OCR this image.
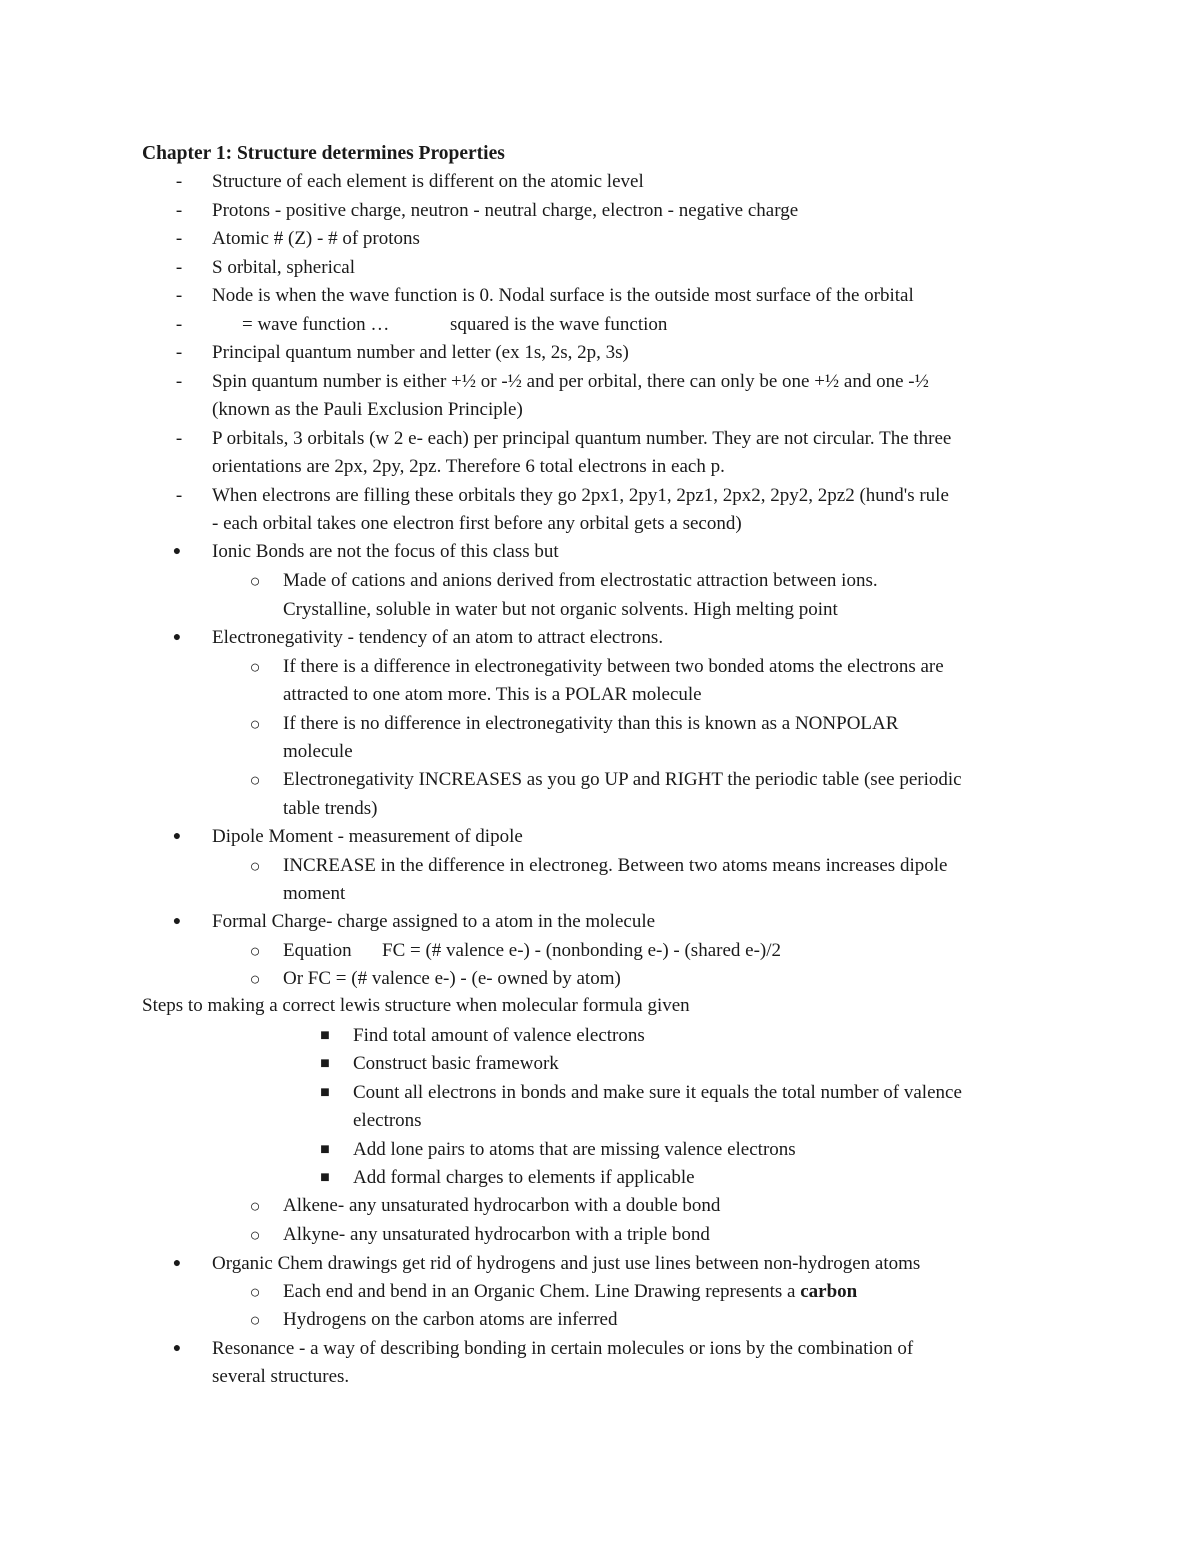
Chapter 1: Structure determines Properties
- Structure of each element is different on the atomic level
- Protons - positive charge, neutron - neutral charge, electron - negative charge
- Atomic # (Z) - # of protons
- S orbital, spherical
- Node is when the wave function is 0. Nodal surface is the outside most surface of the orbital
-	= wave function …	squared is the wave function
- Principal quantum number and letter (ex 1s, 2s, 2p, 3s)
- Spin quantum number is either +½ or -½ and per orbital, there can only be one +½ and one -½
(known as the Pauli Exclusion Principle)
- P orbitals, 3 orbitals (w 2 e- each) per principal quantum number. They are not circular. The three
orientations are 2px, 2py, 2pz. Therefore 6 total electrons in each p.
- When electrons are filling these orbitals they go 2px1, 2py1, 2pz1, 2px2, 2py2, 2pz2 (hund's rule
- each orbital takes one electron first before any orbital gets a second)
● Ionic Bonds are not the focus of this class but
○ Made of cations and anions derived from electrostatic attraction between ions.
Crystalline, soluble in water but not organic solvents. High melting point
● Electronegativity - tendency of an atom to attract electrons.
○ If there is a difference in electronegativity between two bonded atoms the electrons are
attracted to one atom more. This is a POLAR molecule
○ If there is no difference in electronegativity than this is known as a NONPOLAR
molecule
○ Electronegativity INCREASES as you go UP and RIGHT the periodic table (see periodic
table trends)
● Dipole Moment - measurement of dipole
○ INCREASE in the difference in electroneg. Between two atoms means increases dipole
moment
● Formal Charge- charge assigned to a atom in the molecule
○ Equation FC = (# valence e-) - (nonbonding e-) - (shared e-)/2
○ Or FC = (# valence e-) - (e- owned by atom)
Steps to making a correct lewis structure when molecular formula given
■ Find total amount of valence electrons
■ Construct basic framework
■ Count all electrons in bonds and make sure it equals the total number of valence
electrons
■ Add lone pairs to atoms that are missing valence electrons
■ Add formal charges to elements if applicable
○ Alkene- any unsaturated hydrocarbon with a double bond
○ Alkyne- any unsaturated hydrocarbon with a triple bond
● Organic Chem drawings get rid of hydrogens and just use lines between non-hydrogen atoms
○ Each end and bend in an Organic Chem. Line Drawing represents a carbon
○ Hydrogens on the carbon atoms are inferred
● Resonance - a way of describing bonding in certain molecules or ions by the combination of
several structures.
